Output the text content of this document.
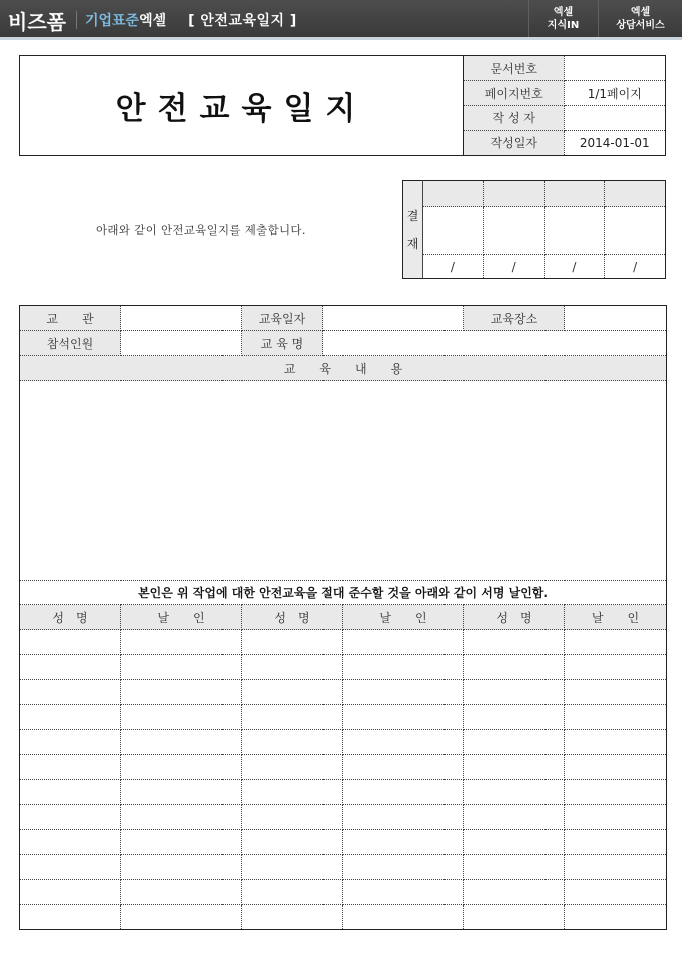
비즈폼 기업표준 엑셀 [ 안전교육일지 ]
엑셀
지식IN
엑셀
상담서비스
안전교육일지
문서번호	
페이지번호	1/1페이지
작 성 자	
작성일자	2014-01-01
아래와 같이 안전교육일지를 제출합니다.
결
재				

	/	/	/	/
교　　관		교육일자			교육장소	
참석인원		교 육 명				
교　　육　　내　　용						

본인은 위 작업에 대한 안전교육을 절대 준수할 것을 아래와 같이 서명 날인함.						
성　명	날　　인	성　명		날　　인	성　명	날　　인
